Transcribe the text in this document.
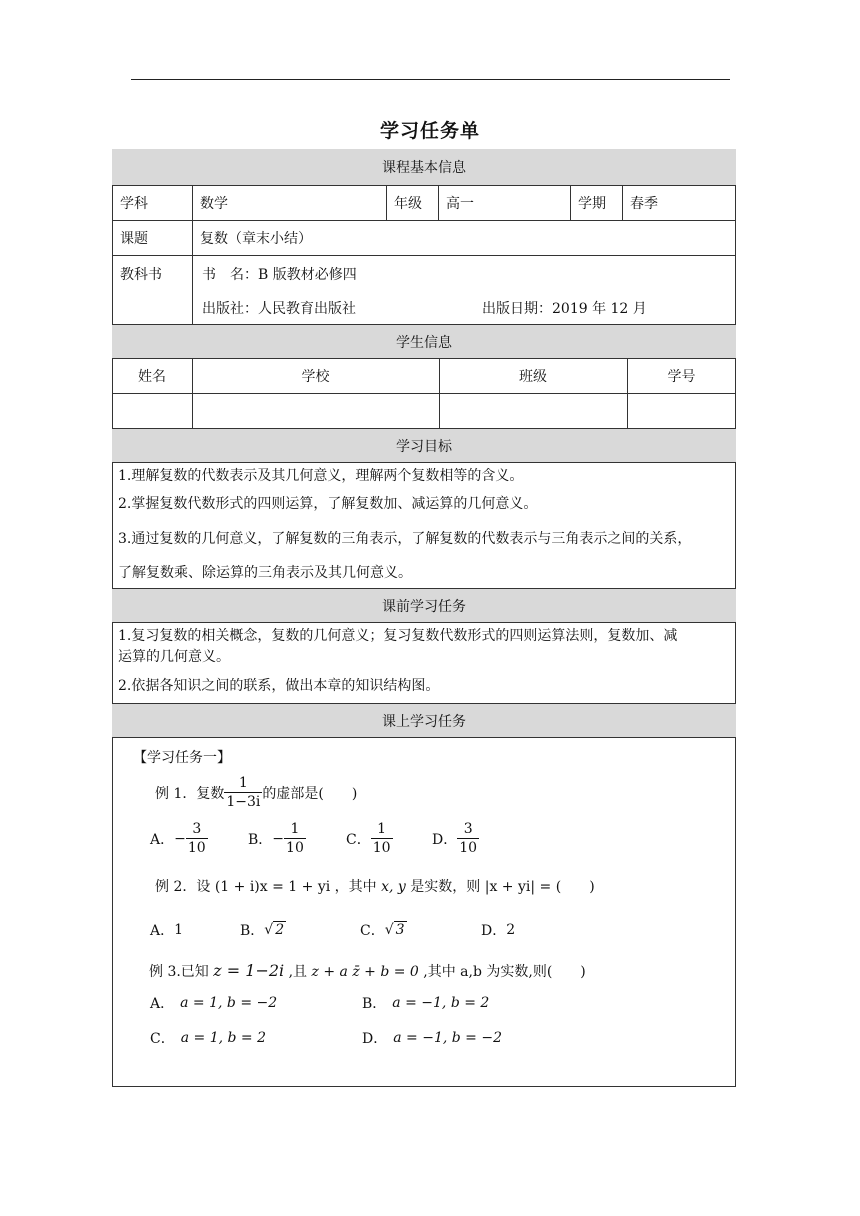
学习任务单
课程基本信息
学科	数学	年级	高一	学期	春季
课题	复数（章末小结）
教科书	书　名：B 版教材必修四
出版社：人民教育出版社	出版日期：2019 年 12 月
学生信息
姓名	学校	班级	学号
学习目标
1.理解复数的代数表示及其几何意义，理解两个复数相等的含义。
2.掌握复数代数形式的四则运算，了解复数加、减运算的几何意义。
3.通过复数的几何意义，了解复数的三角表示，了解复数的代数表示与三角表示之间的关系，
了解复数乘、除运算的三角表示及其几何意义。
课前学习任务
1.复习复数的相关概念，复数的几何意义；复习复数代数形式的四则运算法则，复数加、减
运算的几何意义。
2.依据各知识之间的联系，做出本章的知识结构图。
课上学习任务
【学习任务一】
例 1．复数 $\frac{1}{1-3i}$ 的虚部是(　　)
A． − $\frac{3}{10}$	B． − $\frac{1}{10}$	C． $\frac{1}{10}$	D． $\frac{3}{10}$
例 2．设 (1 + i)x = 1 + yi ，其中 x, y 是实数，则 |x + yi| = (　　)
A． 1	B． √ 2	C． √ 3	D． 2
例 3.已知 z = 1−2i ,且 z + a z̄ + b = 0 ,其中 a,b 为实数,则(　　)
A． a = 1, b = −2	B． a = −1, b = 2
C． a = 1, b = 2	D． a = −1, b = −2
